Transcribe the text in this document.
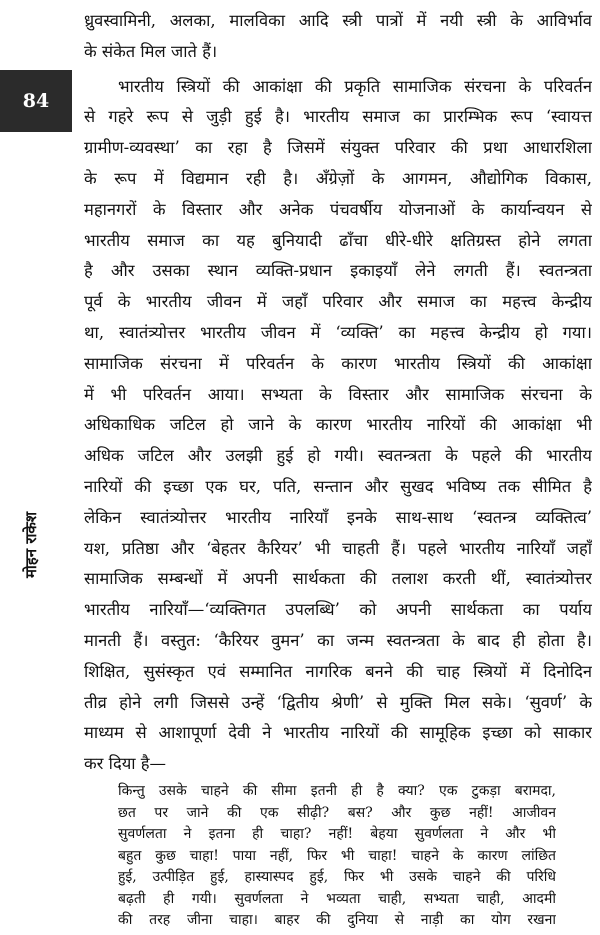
84
मोहन राकेश
ध्रुवस्वामिनी, अलका, मालविका आदि स्त्री पात्रों में नयी स्त्री के आविर्भाव
के संकेत मिल जाते हैं।
भारतीय स्त्रियों की आकांक्षा की प्रकृति सामाजिक संरचना के परिवर्तन
से गहरे रूप से जुड़ी हुई है। भारतीय समाज का प्रारम्भिक रूप ‘स्वायत्त
ग्रामीण-व्यवस्था’ का रहा है जिसमें संयुक्त परिवार की प्रथा आधारशिला
के रूप में विद्यमान रही है। अँग्रेज़ों के आगमन, औद्योगिक विकास,
महानगरों के विस्तार और अनेक पंचवर्षीय योजनाओं के कार्यान्वयन से
भारतीय समाज का यह बुनियादी ढाँचा धीरे-धीरे क्षतिग्रस्त होने लगता
है और उसका स्थान व्यक्ति-प्रधान इकाइयाँ लेने लगती हैं। स्वतन्त्रता
पूर्व के भारतीय जीवन में जहाँ परिवार और समाज का महत्त्व केन्द्रीय
था, स्वातंत्र्योत्तर भारतीय जीवन में ‘व्यक्ति’ का महत्त्व केन्द्रीय हो गया।
सामाजिक संरचना में परिवर्तन के कारण भारतीय स्त्रियों की आकांक्षा
में भी परिवर्तन आया। सभ्यता के विस्तार और सामाजिक संरचना के
अधिकाधिक जटिल हो जाने के कारण भारतीय नारियों की आकांक्षा भी
अधिक जटिल और उलझी हुई हो गयी। स्वतन्त्रता के पहले की भारतीय
नारियों की इच्छा एक घर, पति, सन्तान और सुखद भविष्य तक सीमित है
लेकिन स्वातंत्र्योत्तर भारतीय नारियाँ इनके साथ-साथ ‘स्वतन्त्र व्यक्तित्व’
यश, प्रतिष्ठा और ‘बेहतर कैरियर’ भी चाहती हैं। पहले भारतीय नारियाँ जहाँ
सामाजिक सम्बन्धों में अपनी सार्थकता की तलाश करती थीं, स्वातंत्र्योत्तर
भारतीय नारियाँ—‘व्यक्तिगत उपलब्धि’ को अपनी सार्थकता का पर्याय
मानती हैं। वस्तुत: ‘कैरियर वुमन’ का जन्म स्वतन्त्रता के बाद ही होता है।
शिक्षित, सुसंस्कृत एवं सम्मानित नागरिक बनने की चाह स्त्रियों में दिनोदिन
तीव्र होने लगी जिससे उन्हें ‘द्वितीय श्रेणी’ से मुक्ति मिल सके। ‘सुवर्ण’ के
माध्यम से आशापूर्णा देवी ने भारतीय नारियों की सामूहिक इच्छा को साकार
कर दिया है—
किन्तु उसके चाहने की सीमा इतनी ही है क्या? एक टुकड़ा बरामदा,
छत पर जाने की एक सीढ़ी? बस? और कुछ नहीं! आजीवन
सुवर्णलता ने इतना ही चाहा? नहीं! बेहया सुवर्णलता ने और भी
बहुत कुछ चाहा! पाया नहीं, फिर भी चाहा! चाहने के कारण लांछित
हुई, उत्पीड़ित हुई, हास्यास्पद हुई, फिर भी उसके चाहने की परिधि
बढ़ती ही गयी। सुवर्णलता ने भव्यता चाही, सभ्यता चाही, आदमी
की तरह जीना चाहा। बाहर की दुनिया से नाड़ी का योग रखना
